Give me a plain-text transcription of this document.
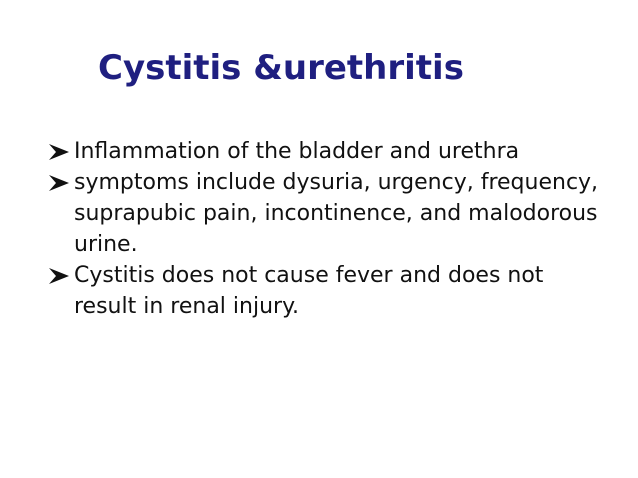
Cystitis &urethritis
Inflammation of the bladder and urethra
symptoms include dysuria, urgency, frequency, suprapubic pain, incontinence, and malodorous urine.
Cystitis does not cause fever and does not result in renal injury.
